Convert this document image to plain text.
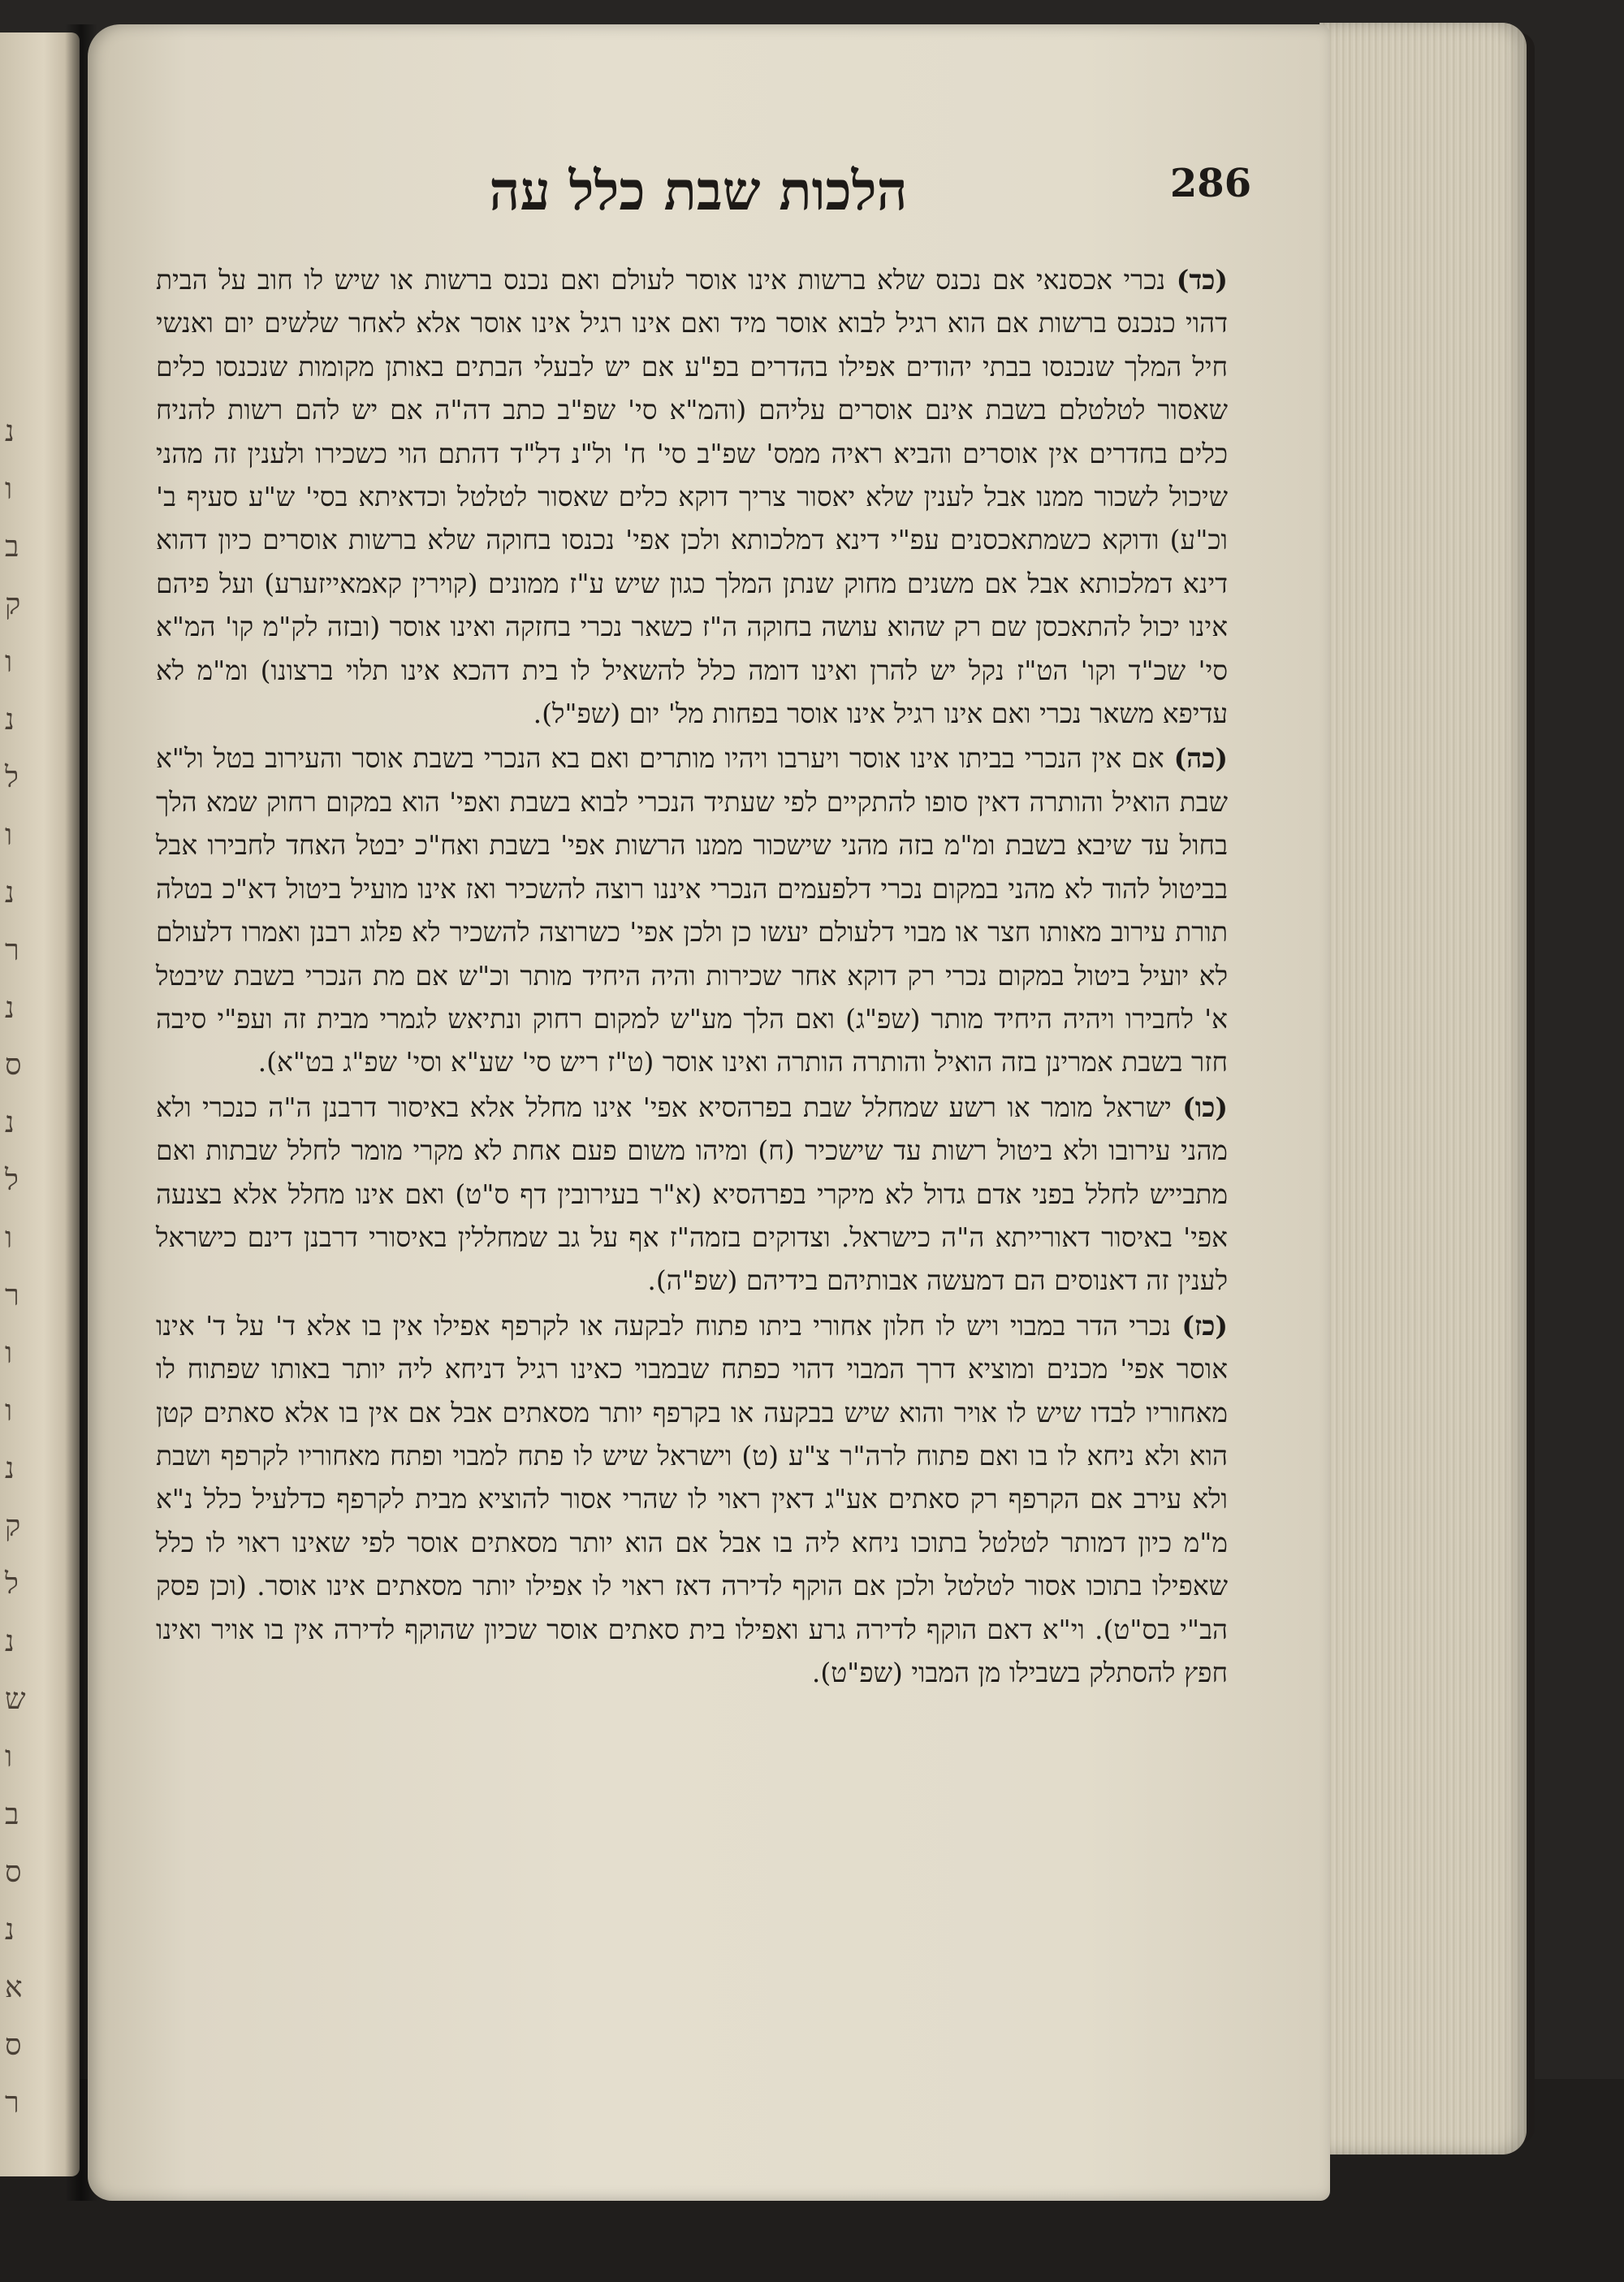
נ
ו
ב
ק
ו
נ
ל
ו
נ
ר
נ
ס
נ
ל
ו
ר
ו
ו
נ
ק
ל
נ
ש
ו
ב
ס
נ
א
ס
ר
286
הלכות שבת כלל עה

(כד) נכרי אכסנאי אם נכנס שלא ברשות אינו אוסר לעולם ואם נכנס ברשות או שיש לו חוב על הבית דהוי כנכנס ברשות אם הוא רגיל לבוא אוסר מיד ואם אינו רגיל אינו אוסר אלא לאחר שלשים יום ואנשי חיל המלך שנכנסו בבתי יהודים אפילו בהדרים בפ"ע אם יש לבעלי הבתים באותן מקומות שנכנסו כלים שאסור לטלטלם בשבת אינם אוסרים עליהם (והמ"א סי' שפ"ב כתב דה"ה אם יש להם רשות להניח כלים בחדרים אין אוסרים והביא ראיה ממס' שפ"ב סי' ח' ול"נ דל"ד דהתם הוי כשכירו ולענין זה מהני שיכול לשכור ממנו אבל לענין שלא יאסור צריך דוקא כלים שאסור לטלטל וכדאיתא בסי' ש"ע סעיף ב' וכ"ע) ודוקא כשמתאכסנים עפ"י דינא דמלכותא ולכן אפי' נכנסו בחוקה שלא ברשות אוסרים כיון דהוא דינא דמלכותא אבל אם משנים מחוק שנתן המלך כגון שיש ע"ז ממונים (קוירין קאמאייזערע) ועל פיהם אינו יכול להתאכסן שם רק שהוא עושה בחוקה ה"ז כשאר נכרי בחזקה ואינו אוסר (ובזה לק"מ קו' המ"א סי' שכ"ד וקו' הט"ז נקל יש להרן ואינו דומה כלל להשאיל לו בית דהכא אינו תלוי ברצונו) ומ"מ לא עדיפא משאר נכרי ואם אינו רגיל אינו אוסר בפחות מל' יום (שפ"ל).

(כה) אם אין הנכרי בביתו אינו אוסר ויערבו ויהיו מותרים ואם בא הנכרי בשבת אוסר והעירוב בטל ול"א שבת הואיל והותרה דאין סופו להתקיים לפי שעתיד הנכרי לבוא בשבת ואפי' הוא במקום רחוק שמא הלך בחול עד שיבא בשבת ומ"מ בזה מהני שישכור ממנו הרשות אפי' בשבת ואח"כ יבטל האחד לחבירו אבל בביטול להוד לא מהני במקום נכרי דלפעמים הנכרי איננו רוצה להשכיר ואז אינו מועיל ביטול דא"כ בטלה תורת עירוב מאותו חצר או מבוי דלעולם יעשו כן ולכן אפי' כשרוצה להשכיר לא פלוג רבנן ואמרו דלעולם לא יועיל ביטול במקום נכרי רק דוקא אחר שכירות והיה היחיד מותר וכ"ש אם מת הנכרי בשבת שיבטל א' לחבירו ויהיה היחיד מותר (שפ"ג) ואם הלך מע"ש למקום רחוק ונתיאש לגמרי מבית זה ועפ"י סיבה חזר בשבת אמרינן בזה הואיל והותרה הותרה ואינו אוסר (ט"ז ריש סי' שע"א וסי' שפ"ג בט"א).

(כו) ישראל מומר או רשע שמחלל שבת בפרהסיא אפי' אינו מחלל אלא באיסור דרבנן ה"ה כנכרי ולא מהני עירובו ולא ביטול רשות עד שישכיר (ח) ומיהו משום פעם אחת לא מקרי מומר לחלל שבתות ואם מתבייש לחלל בפני אדם גדול לא מיקרי בפרהסיא (א"ר בעירובין דף ס"ט) ואם אינו מחלל אלא בצנעה אפי' באיסור דאורייתא ה"ה כישראל. וצדוקים בזמה"ז אף על גב שמחללין באיסורי דרבנן דינם כישראל לענין זה דאנוסים הם דמעשה אבותיהם בידיהם (שפ"ה).

(כז) נכרי הדר במבוי ויש לו חלון אחורי ביתו פתוח לבקעה או לקרפף אפילו אין בו אלא ד' על ד' אינו אוסר אפי' מכנים ומוציא דרך המבוי דהוי כפתח שבמבוי כאינו רגיל דניחא ליה יותר באותו שפתוח לו מאחוריו לבדו שיש לו אויר והוא שיש בבקעה או בקרפף יותר מסאתים אבל אם אין בו אלא סאתים קטן הוא ולא ניחא לו בו ואם פתוח לרה"ר צ"ע (ט) וישראל שיש לו פתח למבוי ופתח מאחוריו לקרפף ושבת ולא עירב אם הקרפף רק סאתים אע"ג דאין ראוי לו שהרי אסור להוציא מבית לקרפף כדלעיל כלל נ"א מ"מ כיון דמותר לטלטל בתוכו ניחא ליה בו אבל אם הוא יותר מסאתים אוסר לפי שאינו ראוי לו כלל שאפילו בתוכו אסור לטלטל ולכן אם הוקף לדירה דאז ראוי לו אפילו יותר מסאתים אינו אוסר. (וכן פסק הב"י בס"ט). וי"א דאם הוקף לדירה גרע ואפילו בית סאתים אוסר שכיון שהוקף לדירה אין בו אויר ואינו חפץ להסתלק בשבילו מן המבוי (שפ"ט).
